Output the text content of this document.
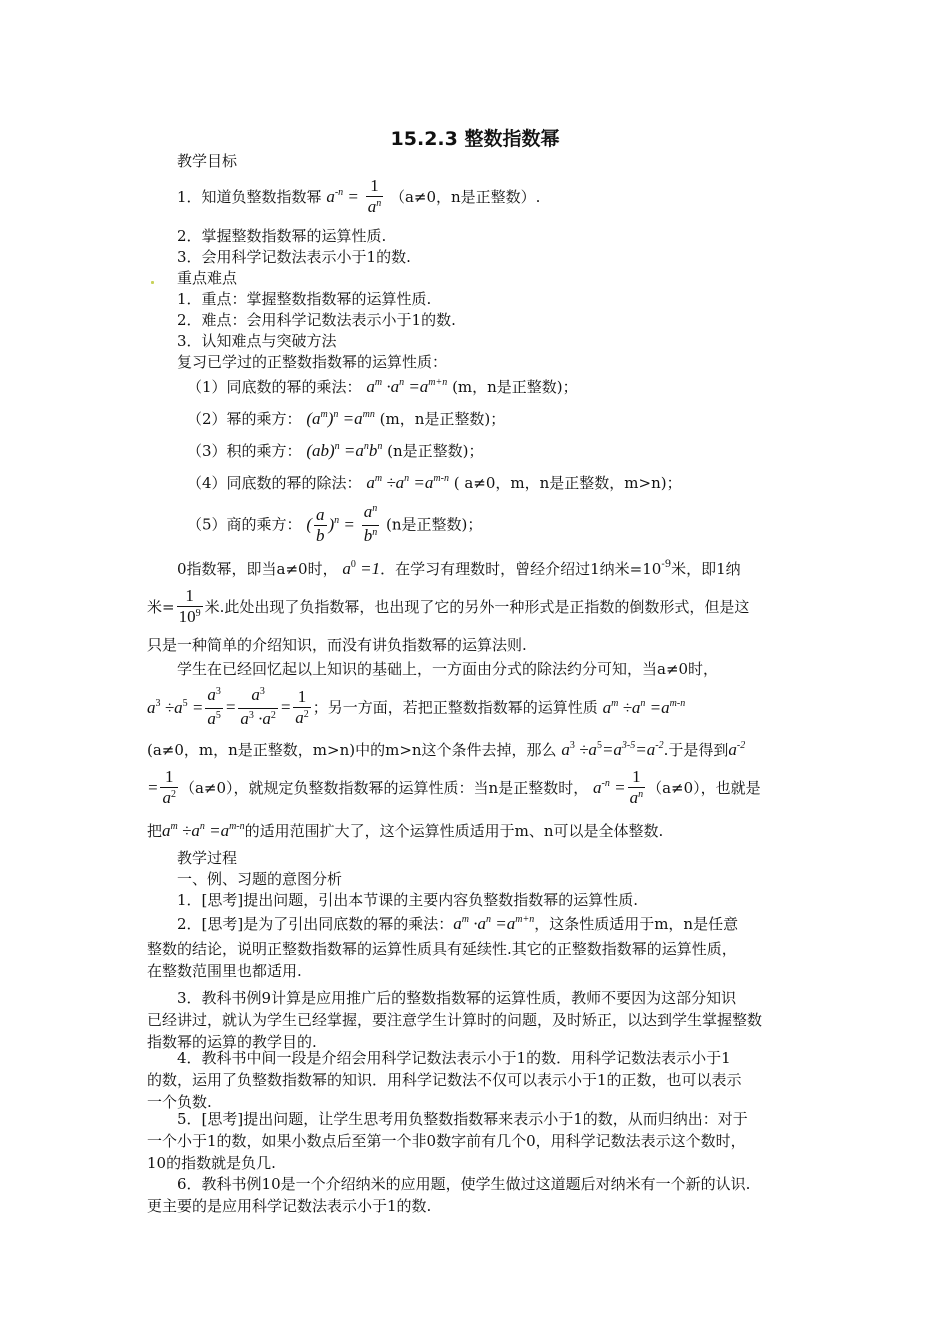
15.2.3 整数指数幂
教学目标
1．知道负整数指数幂 $a^{-n} = \frac{1}{a^n} (a\ne 0$，n是正整数）.
2．掌握整数指数幂的运算性质.
3．会用科学记数法表示小于1的数.
重点难点
1．重点：掌握整数指数幂的运算性质.
2．难点：会用科学记数法表示小于1的数.
3．认知难点与突破方法
复习已学过的正整数指数幂的运算性质：
（1）同底数的幂的乘法： $a^m \cdot a^n =a^{m+n}$ (m，n是正整数)；
（2）幂的乘方： $(a^m)^n =a^{mn}$ (m，n是正整数)；
（3）积的乘方： $(ab)^n =a^nb^n$ (n是正整数)；
（4）同底数的幂的除法： $a^m \div a^n =a^{m-n}$ ( a≠0，m，n是正整数，m>n)；
（5）商的乘方： ( $\frac{a}{b} )^n = \frac{a^n}{b^n} (n$是正整数)；
0指数幂，即当a≠0时， $a^0 =1$．在学习有理数时，曾经介绍过1纳米$=10^{-9}$米，即1纳
米= $\frac{1}{10^9}$ 米.此处出现了负指数幂，也出现了它的另外一种形式是正指数的倒数形式，但是这
只是一种简单的介绍知识，而没有讲负指数幂的运算法则.
学生在已经回忆起以上知识的基础上，一方面由分式的除法约分可知，当a≠0时，
$a^3 \div a^5 = \frac{a^3}{a^5} = \frac{a^3}{a^3 \cdot a^2} = \frac{1}{a^2}$ ；另一方面，若把正整数指数幂的运算性质 $a^m \div a^n =a^{m-n}$
(a≠0，m，n是正整数，m>n)中的m>n这个条件去掉，那么 $a^3 \div a^5=a^{3-5}=a^{-2}$.于是得到$a^{-2}$
= $\frac{1}{a^2} (a\ne 0)$，就规定负整数指数幂的运算性质：当n是正整数时， $a^{-n} = \frac{1}{a^n} (a\ne 0)$，也就是
把$a^m \div a^n =a^{m-n}$的适用范围扩大了，这个运算性质适用于m、n可以是全体整数.
教学过程
一、例、习题的意图分析
1．[思考]提出问题，引出本节课的主要内容负整数指数幂的运算性质.
2．[思考]是为了引出同底数的幂的乘法：$a^m \cdot a^n =a^{m+n}$，这条性质适用于m，n是任意
整数的结论，说明正整数指数幂的运算性质具有延续性.其它的正整数指数幂的运算性质，
在整数范围里也都适用.
3．教科书例9计算是应用推广后的整数指数幂的运算性质，教师不要因为这部分知识
已经讲过，就认为学生已经掌握，要注意学生计算时的问题，及时矫正，以达到学生掌握整数
指数幂的运算的教学目的.
4．教科书中间一段是介绍会用科学记数法表示小于1的数．用科学记数法表示小于1
的数，运用了负整数指数幂的知识．用科学记数法不仅可以表示小于1的正数，也可以表示
一个负数.
5．[思考]提出问题，让学生思考用负整数指数幂来表示小于1的数，从而归纳出：对于
一个小于1的数，如果小数点后至第一个非0数字前有几个0，用科学记数法表示这个数时，
10的指数就是负几.
6．教科书例10是一个介绍纳米的应用题，使学生做过这道题后对纳米有一个新的认识.
更主要的是应用科学记数法表示小于1的数.
